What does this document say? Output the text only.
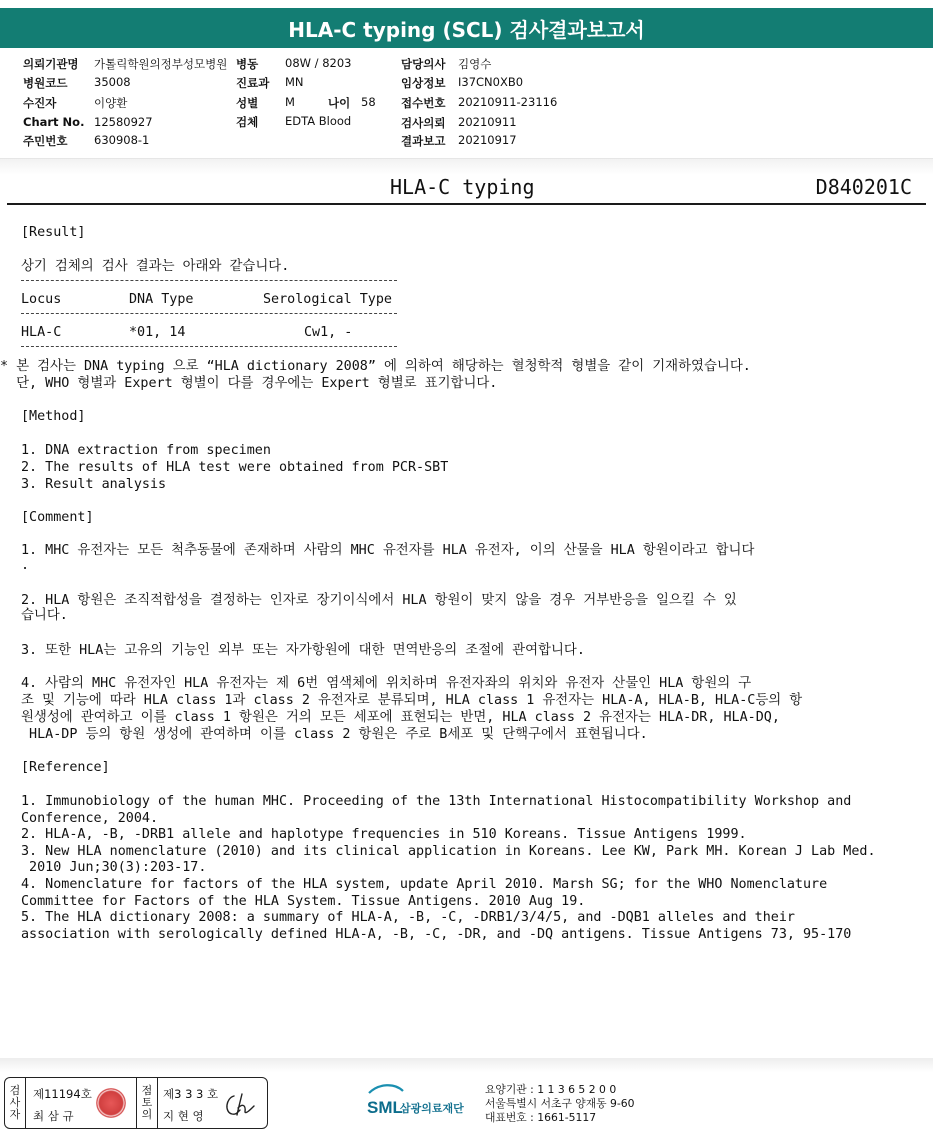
HLA-C typing (SCL) 검사결과보고서
의뢰기관명 가톨릭학원의정부성모병원
병원코드 35008
수진자	이양환
Chart No. 12580927
주민번호 630908-1
병동 08W / 8203
진료과 MN
성별 M	나이 58
검체 EDTA Blood
담당의사 김영수
임상정보 I37CN0XB0
접수번호 20210911-23116
검사의뢰 20210911
결과보고 20210917
HLA-C typing	D840201C
[Result]
상기 검체의 검사 결과는 아래와 같습니다.
Locus	DNA Type	Serological Type
HLA-C	*01, 14	Cw1, -
* 본 검사는 DNA typing 으로 “HLA dictionary 2008” 에 의하여 해당하는 혈청학적 형별을 같이 기재하였습니다.
단, WHO 형별과 Expert 형별이 다를 경우에는 Expert 형별로 표기합니다.
[Method]
1. DNA extraction from specimen
2. The results of HLA test were obtained from PCR-SBT
3. Result analysis
[Comment]
1. MHC 유전자는 모든 척추동물에 존재하며 사람의 MHC 유전자를 HLA 유전자, 이의 산물을 HLA 항원이라고 합니다
.
2. HLA 항원은 조직적합성을 결정하는 인자로 장기이식에서 HLA 항원이 맞지 않을 경우 거부반응을 일으킬 수 있
습니다.
3. 또한 HLA는 고유의 기능인 외부 또는 자가항원에 대한 면역반응의 조절에 관여합니다.
4. 사람의 MHC 유전자인 HLA 유전자는 제 6번 염색체에 위치하며 유전자좌의 위치와 유전자 산물인 HLA 항원의 구
조 및 기능에 따라 HLA class 1과 class 2 유전자로 분류되며, HLA class 1 유전자는 HLA-A, HLA-B, HLA-C등의 항
원생성에 관여하고 이를 class 1 항원은 거의 모든 세포에 표현되는 반면, HLA class 2 유전자는 HLA-DR, HLA-DQ,
HLA-DP 등의 항원 생성에 관여하며 이를 class 2 항원은 주로 B세포 및 단핵구에서 표현됩니다.
[Reference]
1. Immunobiology of the human MHC. Proceeding of the 13th International Histocompatibility Workshop and
Conference, 2004.
2. HLA-A, -B, -DRB1 allele and haplotype frequencies in 510 Koreans. Tissue Antigens 1999.
3. New HLA nomenclature (2010) and its clinical application in Koreans. Lee KW, Park MH. Korean J Lab Med.
2010 Jun;30(3):203-17.
4. Nomenclature for factors of the HLA system, update April 2010. Marsh SG; for the WHO Nomenclature
Committee for Factors of the HLA System. Tissue Antigens. 2010 Aug 19.
5. The HLA dictionary 2008: a summary of HLA-A, -B, -C, -DRB1/3/4/5, and -DQB1 alleles and their
association with serologically defined HLA-A, -B, -C, -DR, and -DQ antigens. Tissue Antigens 73, 95-170
검
사
자
제11194호
최 삼 규
점
토
의
제3 3 3 호
지 현 영	SML
삼광의료재단
요양기관 : 1 1 3 6 5 2 0 0
서울특별시 서초구 양재동 9-60
대표번호 : 1661-5117
